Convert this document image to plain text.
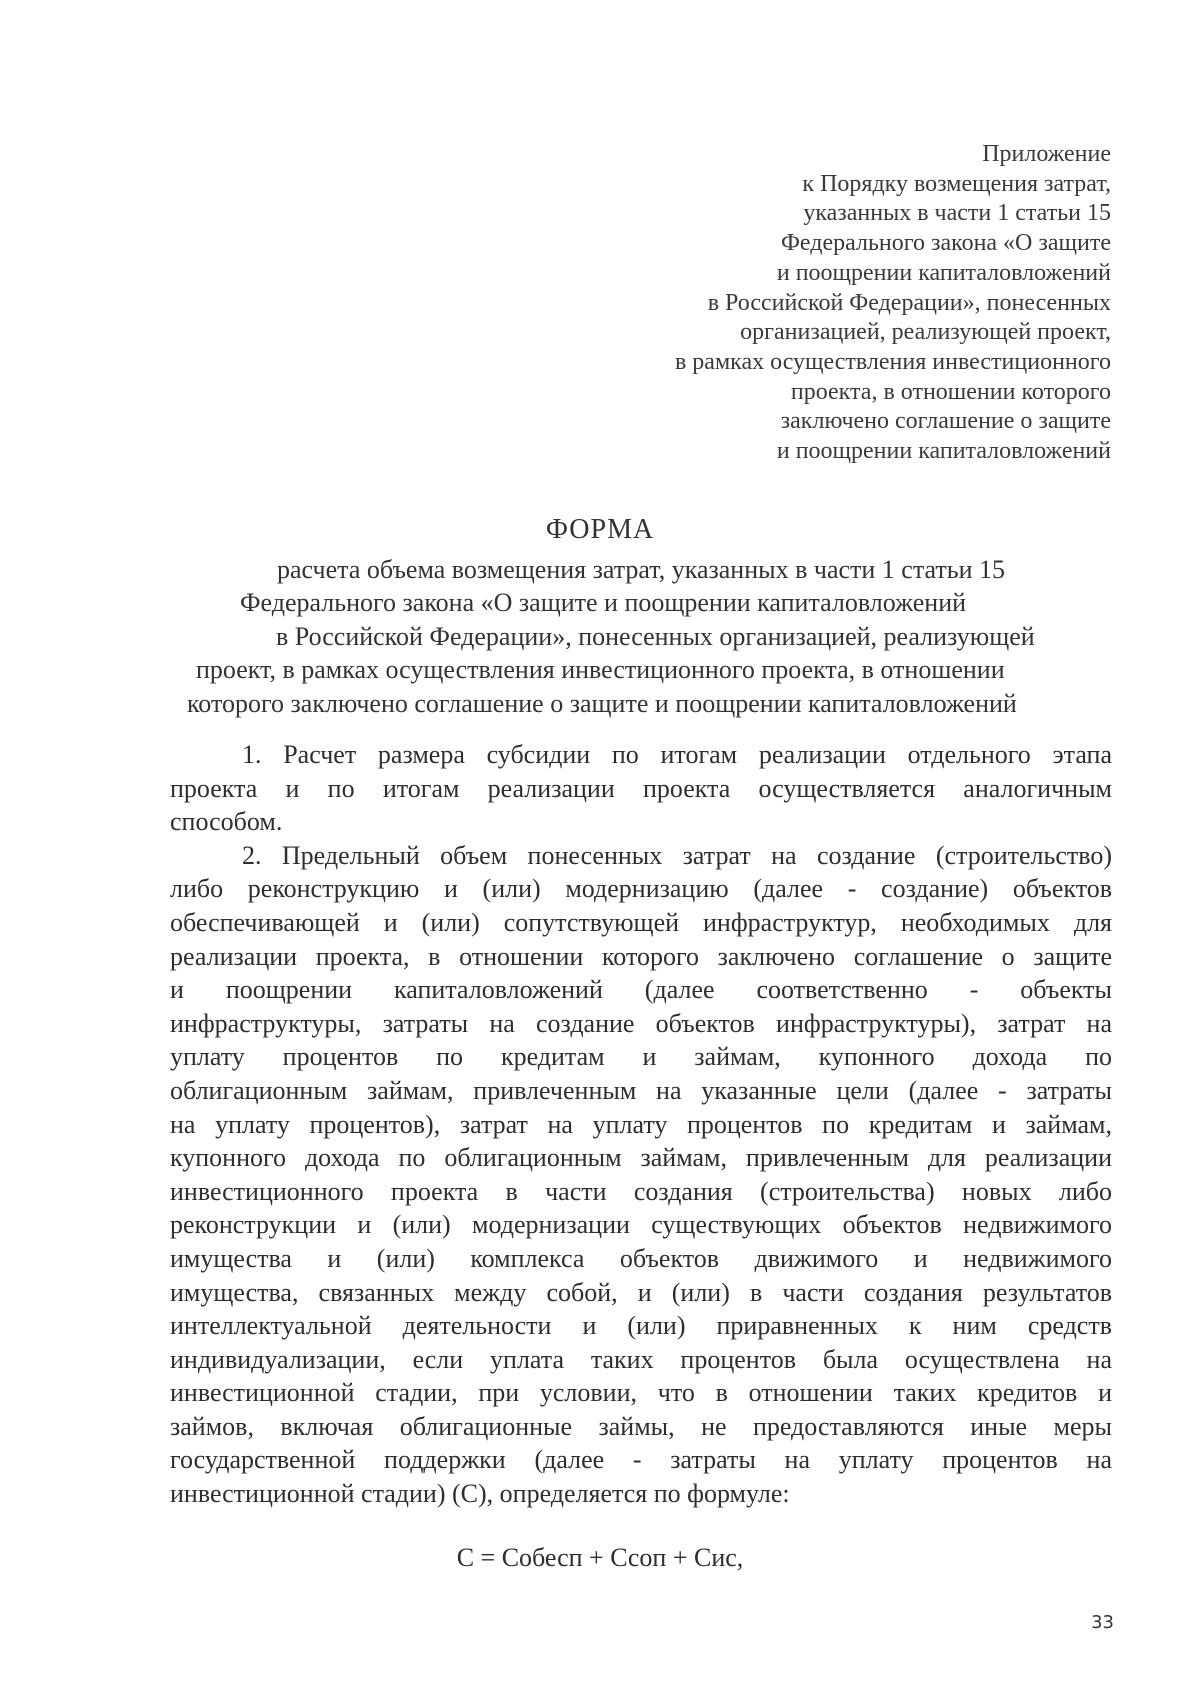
Приложение
к Порядку возмещения затрат,
указанных в части 1 статьи 15
Федерального закона «О защите
и поощрении капиталовложений
в Российской Федерации», понесенных
организацией, реализующей проект,
в рамках осуществления инвестиционного
проекта, в отношении которого
заключено соглашение о защите
и поощрении капиталовложений
ФОРМА
расчета объема возмещения затрат, указанных в части 1 статьи 15
Федерального закона «О защите и поощрении капиталовложений
в Российской Федерации», понесенных организацией, реализующей
проект, в рамках осуществления инвестиционного проекта, в отношении
которого заключено соглашение о защите и поощрении капиталовложений
1. Расчет размера субсидии по итогам реализации отдельного этапа
проекта и по итогам реализации проекта осуществляется аналогичным
способом.
2. Предельный объем понесенных затрат на создание (строительство)
либо реконструкцию и (или) модернизацию (далее - создание) объектов
обеспечивающей и (или) сопутствующей инфраструктур, необходимых для
реализации проекта, в отношении которого заключено соглашение о защите
и поощрении капиталовложений (далее соответственно - объекты
инфраструктуры, затраты на создание объектов инфраструктуры), затрат на
уплату процентов по кредитам и займам, купонного дохода по
облигационным займам, привлеченным на указанные цели (далее - затраты
на уплату процентов), затрат на уплату процентов по кредитам и займам,
купонного дохода по облигационным займам, привлеченным для реализации
инвестиционного проекта в части создания (строительства) новых либо
реконструкции и (или) модернизации существующих объектов недвижимого
имущества и (или) комплекса объектов движимого и недвижимого
имущества, связанных между собой, и (или) в части создания результатов
интеллектуальной деятельности и (или) приравненных к ним средств
индивидуализации, если уплата таких процентов была осуществлена на
инвестиционной стадии, при условии, что в отношении таких кредитов и
займов, включая облигационные займы, не предоставляются иные меры
государственной поддержки (далее - затраты на уплату процентов на
инвестиционной стадии) (С), определяется по формуле:
С = Собесп + Ссоп + Сис,
33
